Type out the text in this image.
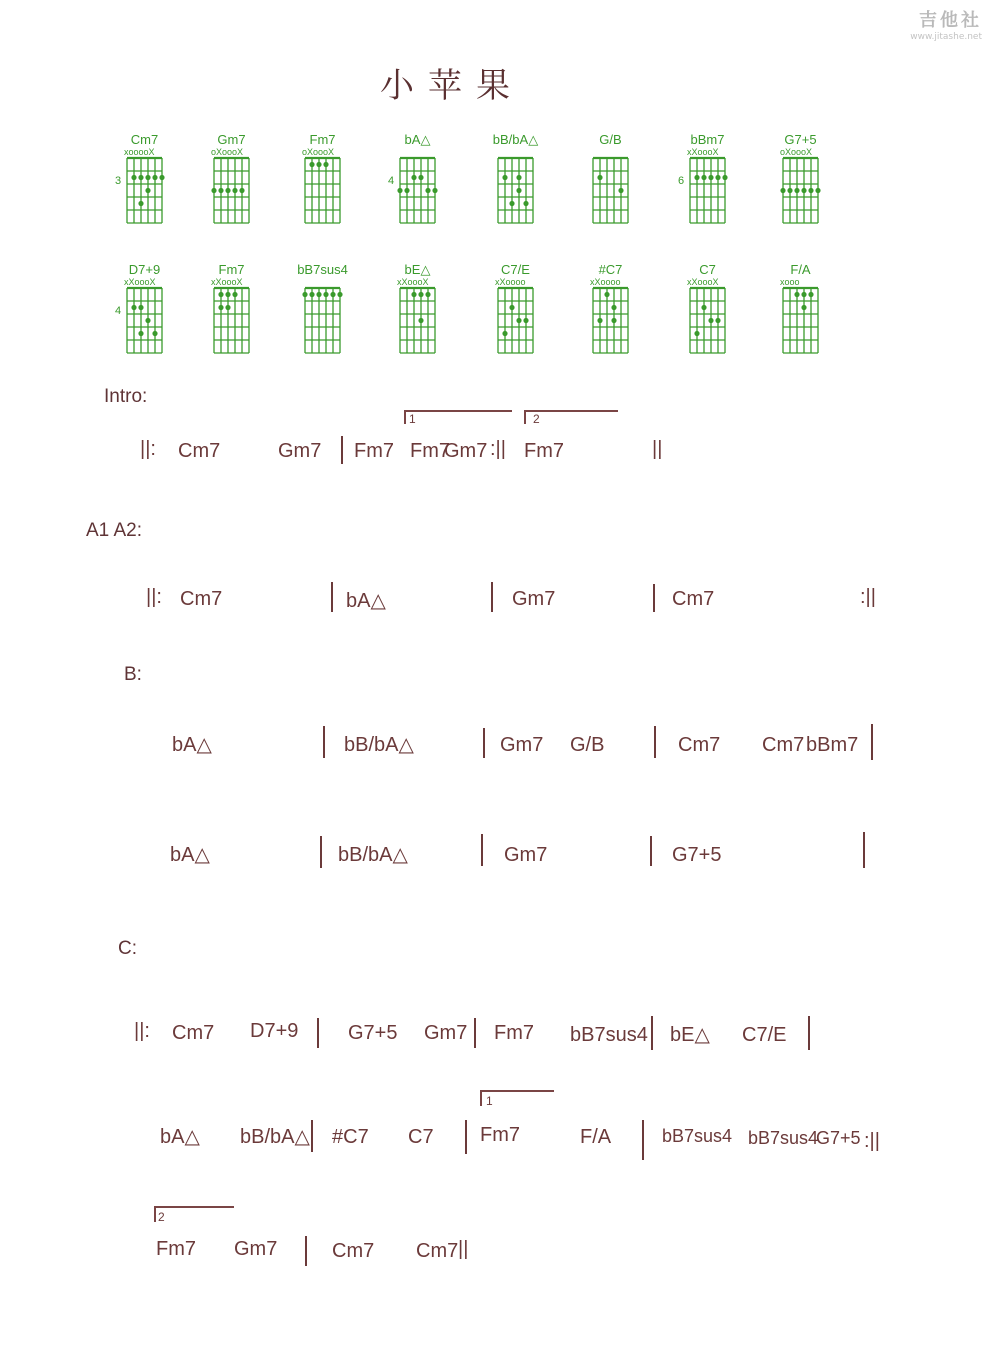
吉他社
www.jitashe.net
小苹果
Cm7
xooooX
3
Gm7
oXoooX
Fm7
oXoooX
bA△
4
bB/bA△	G/B	bBm7
xXoooX
6
G7+5
oXoooX
D7+9
xXoooX
4
Fm7
xXoooX
bB7sus4	bE△
xXoooX
C7/E
xXoooo
#C7
xXoooo
C7
xXoooX
F/A
xooo
Intro:
1	2
||: Cm7	Gm7 Fm7 Fm7
Gm7 :|| Fm7	||
A1 A2:
||: Cm7	bA△	Gm7	Cm7	:||
B:
bA△	bB/bA△	Gm7 G/B	Cm7 Cm7 bBm7
bA△	bB/bA△	Gm7	G7+5
C:
||: Cm7 D7+9 G7+5 Gm7 Fm7 bB7sus4 bE△ C7/E
1
bA△ bB/bA△ #C7 C7 Fm7	F/A	bB7sus4 bB7sus4
G7+5 :||
2
Fm7 Gm7	Cm7 Cm7 ||
